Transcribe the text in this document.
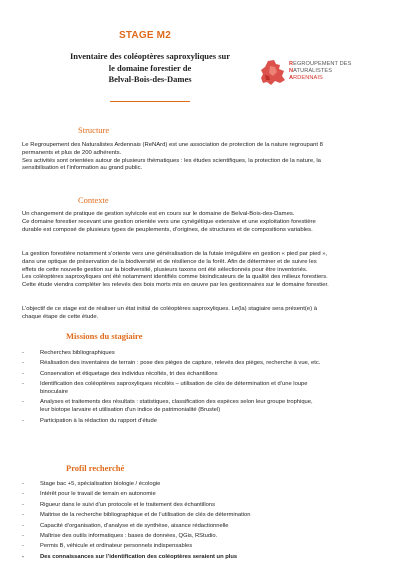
STAGE M2
Inventaire des coléoptères saproxyliques sur
le domaine forestier de
Belval-Bois-des-Dames
REGROUPEMENT DES
NATURALISTES
ARDENNAIS
Structure

Le Regroupement des Naturalistes Ardennais (ReNArd) est une association de protection de la nature regroupant 8

permanents et plus de 200 adhérents.

Ses activités sont orientées autour de plusieurs thématiques : les études scientifiques, la protection de la nature, la

sensibilisation et l’information au grand public.

Contexte

Un changement de pratique de gestion sylvicole est en cours sur le domaine de Belval-Bois-des-Dames.

Ce domaine forestier recevant une gestion orientée vers une cynégétique extensive et une exploitation forestière

durable est composé de plusieurs types de peuplements, d’origines, de structures et de compositions variables.

La gestion forestière notamment s’oriente vers une généralisation de la futaie irrégulière en gestion « pied par pied »,

dans une optique de préservation de la biodiversité et de résilience de la forêt. Afin de déterminer et de suivre les

effets de cette nouvelle gestion sur la biodiversité, plusieurs taxons ont été sélectionnés pour être inventoriés.

Les coléoptères saproxyliques ont été notamment identifiés comme bioindicateurs de la qualité des milieux forestiers.

Cette étude viendra compléter les relevés des bois morts mis en œuvre par les gestionnaires sur le domaine forestier.

L’objectif de ce stage est de réaliser un état initial de coléoptères saproxyliques. Le(la) stagiaire sera présent(e) à

chaque étape de cette étude.

Missions du stagiaire
-	Recherches bibliographiques
-	Réalisation des inventaires de terrain : pose des pièges de capture, relevés des pièges, recherche à vue, etc.
-	Conservation et étiquetage des individus récoltés, tri des échantillons
-	Identification des coléoptères saproxyliques récoltés – utilisation de clés de détermination et d’une loupe
binoculaire
-	Analyses et traitements des résultats : statistiques, classification des espèces selon leur groupe trophique,
leur biotope larvaire et utilisation d’un indice de patrimonialité (Brustel)
-	Participation à la rédaction du rapport d’étude
Profil recherché
-	Stage bac +5, spécialisation biologie / écologie
-	Intérêt pour le travail de terrain en autonomie
-	Rigueur dans le suivi d’un protocole et le traitement des échantillons
-	Maitrise de la recherche bibliographique et de l’utilisation de clés de détermination
-	Capacité d’organisation, d’analyse et de synthèse, aisance rédactionnelle
-	Maîtrise des outils informatiques : bases de données, QGis, RStudio.
-	Permis B, véhicule et ordinateur personnels indispensables
-	Des connaissances sur l’identification des coléoptères seraient un plus
